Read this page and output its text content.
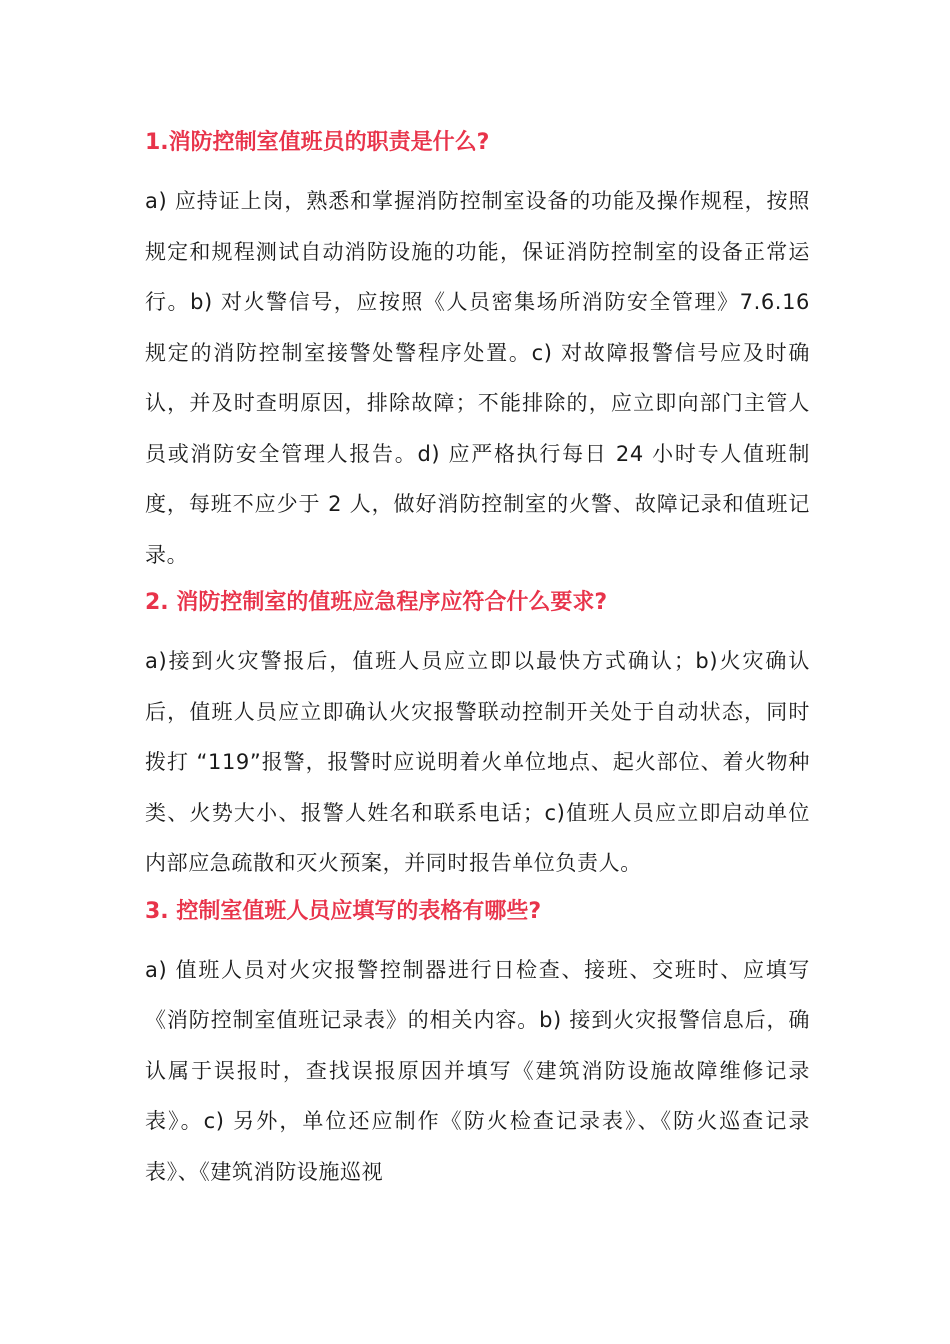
1.消防控制室值班员的职责是什么?

a) 应持证上岗，熟悉和掌握消防控制室设备的功能及操作规程，按照规定和规程测试自动消防设施的功能，保证消防控制室的设备正常运行。b) 对火警信号，应按照《人员密集场所消防安全管理》7.6.16 规定的消防控制室接警处警程序处置。c) 对故障报警信号应及时确认，并及时查明原因，排除故障；不能排除的，应立即向部门主管人员或消防安全管理人报告。d) 应严格执行每日 24 小时专人值班制度，每班不应少于 2 人，做好消防控制室的火警、故障记录和值班记录。

2. 消防控制室的值班应急程序应符合什么要求?

a)接到火灾警报后，值班人员应立即以最快方式确认；b)火灾确认后，值班人员应立即确认火灾报警联动控制开关处于自动状态，同时拨打 “119”报警，报警时应说明着火单位地点、起火部位、着火物种类、火势大小、报警人姓名和联系电话；c)值班人员应立即启动单位内部应急疏散和灭火预案，并同时报告单位负责人。

3. 控制室值班人员应填写的表格有哪些?

a) 值班人员对火灾报警控制器进行日检查、接班、交班时、应填写《消防控制室值班记录表》的相关内容。b) 接到火灾报警信息后，确认属于误报时，查找误报原因并填写《建筑消防设施故障维修记录表》。c) 另外，单位还应制作《防火检查记录表》、《防火巡查记录表》、《建筑消防设施巡视
